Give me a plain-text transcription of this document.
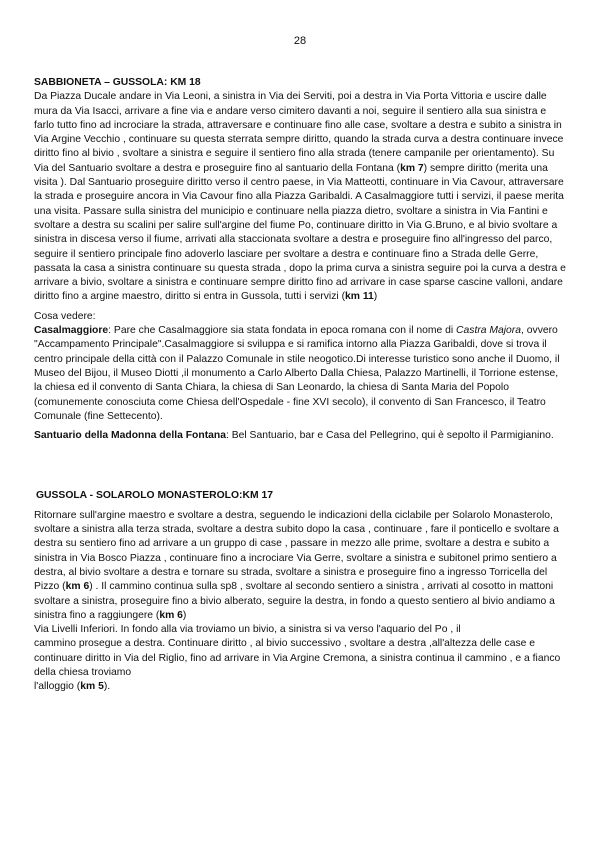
28

SABBIONETA – GUSSOLA: KM 18

Da Piazza Ducale andare in Via Leoni, a sinistra in Via dei Serviti, poi a destra in Via Porta Vittoria e uscire dalle mura da Via Isacci, arrivare a fine via e andare verso cimitero davanti a noi, seguire il sentiero alla sua sinistra e farlo tutto fino ad incrociare la strada, attraversare e continuare fino alle case, svoltare a destra e subito a sinistra in Via Argine Vecchio , continuare su questa sterrata sempre diritto, quando la strada curva a destra continuare invece diritto fino al bivio , svoltare a sinistra e seguire il sentiero fino alla strada (tenere campanile per orientamento). Su Via del Santuario svoltare a destra e proseguire fino al santuario della Fontana (km 7) sempre diritto (merita una visita ). Dal Santuario proseguire diritto verso il centro paese, in Via Matteotti, continuare in Via Cavour, attraversare la strada e proseguire ancora in Via Cavour fino alla Piazza Garibaldi. A Casalmaggiore tutti i servizi, il paese merita una visita. Passare sulla sinistra del municipio e continuare nella piazza dietro, svoltare a sinistra in Via Fantini e svoltare a destra su scalini per salire sull'argine del fiume Po, continuare diritto in Via G.Bruno, e al bivio svoltare a sinistra in discesa verso il fiume, arrivati alla staccionata svoltare a destra e proseguire fino all'ingresso del parco, seguire il sentiero principale fino adoverlo lasciare per svoltare a destra e continuare fino a Strada delle Gerre, passata la casa a sinistra continuare su questa strada , dopo la prima curva a sinistra seguire poi la curva a destra e arrivare a bivio, svoltare a sinistra e continuare sempre diritto fino ad arrivare in case sparse cascine valloni, andare diritto fino a argine maestro, diritto si entra in Gussola, tutti i servizi (km 11)

Cosa vedere:

Casalmaggiore: Pare che Casalmaggiore sia stata fondata in epoca romana con il nome di Castra Majora, ovvero "Accampamento Principale".Casalmaggiore si sviluppa e si ramifica intorno alla Piazza Garibaldi, dove si trova il centro principale della città con il Palazzo Comunale in stile neogotico.Di interesse turistico sono anche il Duomo, il Museo del Bijou, il Museo Diotti ,il monumento a Carlo Alberto Dalla Chiesa, Palazzo Martinelli, il Torrione estense, la chiesa ed il convento di Santa Chiara, la chiesa di San Leonardo, la chiesa di Santa Maria del Popolo (comunemente conosciuta come Chiesa dell'Ospedale - fine XVI secolo), il convento di San Francesco, il Teatro Comunale (fine Settecento).

Santuario della Madonna della Fontana: Bel Santuario, bar e Casa del Pellegrino, qui è sepolto il Parmigianino.

GUSSOLA - SOLAROLO MONASTEROLO:KM 17

Ritornare sull'argine maestro e svoltare a destra, seguendo le indicazioni della ciclabile per Solarolo Monasterolo, svoltare a sinistra alla terza strada, svoltare a destra subito dopo la casa , continuare , fare il ponticello e svoltare a destra su sentiero fino ad arrivare a un gruppo di case , passare in mezzo alle prime, svoltare a destra e subito a sinistra in Via Bosco Piazza , continuare fino a incrociare Via Gerre, svoltare a sinistra e subitonel primo sentiero a destra, al bivio svoltare a destra e tornare su strada, svoltare a sinistra e proseguire fino a ingresso Torricella del Pizzo (km 6) . Il cammino continua sulla sp8 , svoltare al secondo sentiero a sinistra , arrivati al cosotto in mattoni svoltare a sinistra, proseguire fino a bivio alberato, seguire la destra, in fondo a questo sentiero al bivio andiamo a sinistra fino a raggiungere (km 6)

Via Livelli Inferiori. In fondo alla via troviamo un bivio, a sinistra si va verso l'aquario del Po , il

cammino prosegue a destra. Continuare diritto , al bivio successivo , svoltare a destra ,all'altezza delle case e continuare diritto in Via del Riglio, fino ad arrivare in Via Argine Cremona, a sinistra continua il cammino , e a fianco della chiesa troviamo

l'alloggio (km 5).
